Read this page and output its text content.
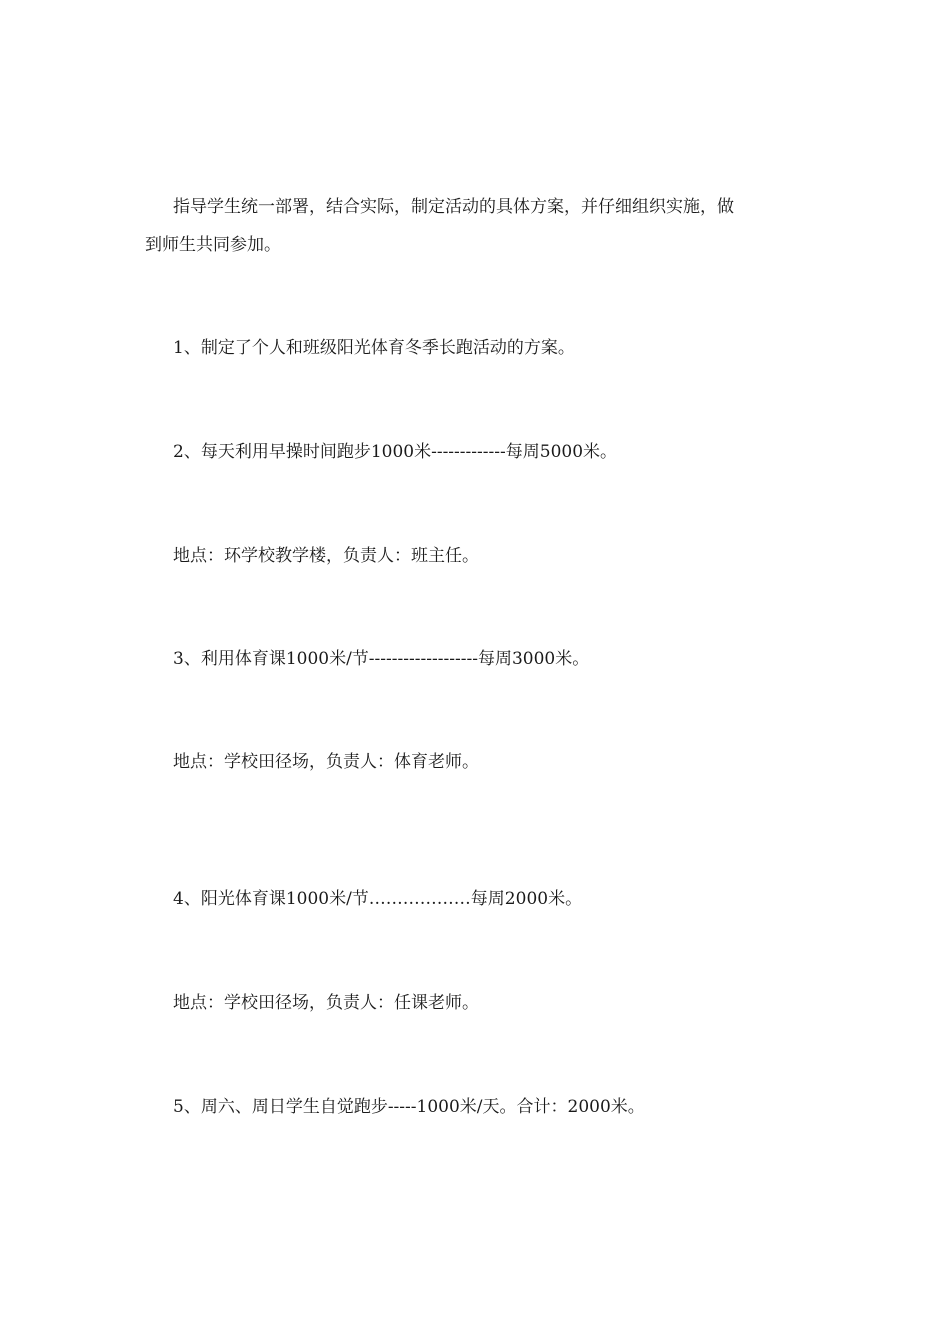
指导学生统一部署，结合实际，制定活动的具体方案，并仔细组织实施，做
到师生共同参加。
1、制定了个人和班级阳光体育冬季长跑活动的方案。
2、每天利用早操时间跑步1000米-------------每周5000米。
地点：环学校教学楼，负责人：班主任。
3、利用体育课1000米/节-------------------每周3000米。
地点：学校田径场，负责人：体育老师。
4、阳光体育课1000米/节………………每周2000米。
地点：学校田径场，负责人：任课老师。
5、周六、周日学生自觉跑步-----1000米/天。合计：2000米。
